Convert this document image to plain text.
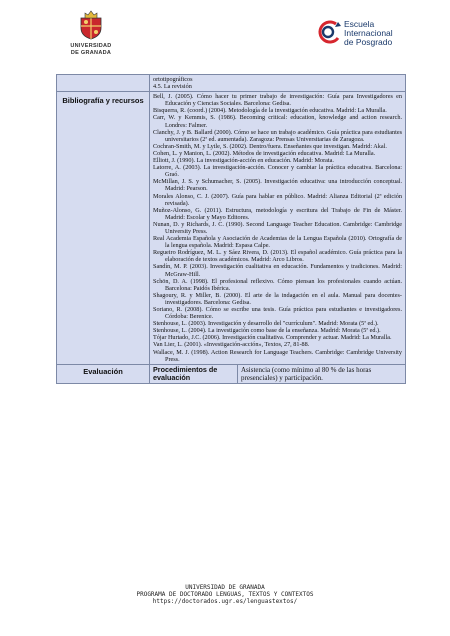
UNIVERSIDAD
DE GRANADA
Escuela
Internacional
de Posgrado
ortotipográficos
4.5. La revisión
Bibliografía y recursos	Bell, J. (2005). Cómo hacer tu primer trabajo de investigación: Guía para Investigadores en Educación y Ciencias Sociales. Barcelona: Gedisa.
Bisquerra, R. (coord.) (2004). Metodología de la investigación educativa. Madrid: La Muralla.
Carr, W. y Kemmis, S. (1986). Becoming critical: education, knowledge and action research. Londres: Falmer.
Clanchy, J. y B. Ballard (2000). Cómo se hace un trabajo académico. Guía práctica para estudiantes universitarios (2ª ed. aumentada). Zaragoza: Prensas Universitarias de Zaragoza.
Cochran-Smith, M. y Lytle, S. (2002). Dentro/fuera. Enseñantes que investigan. Madrid: Akal.
Cohen, L. y Manion, L. (2002). Métodos de investigación educativa. Madrid: La Muralla.
Elliott, J. (1990). La investigación-acción en educación. Madrid: Morata.
Latorre, A. (2003). La investigación-acción. Conocer y cambiar la práctica educativa. Barcelona: Graó.
McMillan, J. S. y Schumacher, S. (2005). Investigación educativa: una introducción conceptual. Madrid: Pearson.
Morales Alonso, C. J. (2007). Guía para hablar en público. Madrid: Alianza Editorial (2ª edición revisada).
Muñoz-Alonso, G. (2011). Estructura, metodología y escritura del Trabajo de Fin de Máster. Madrid: Escolar y Mayo Editores.
Nunan, D. y Richards, J. C. (1990). Second Language Teacher Education. Cambridge: Cambridge University Press.
Real Academia Española y Asociación de Academias de la Lengua Española (2010). Ortografía de la lengua española. Madrid: Espasa Calpe.
Regueiro Rodríguez, M. L. y Sáez Rivera, D. (2013). El español académico. Guía práctica para la elaboración de textos académicos. Madrid: Arco Libros.
Sandín, M. P. (2003). Investigación cualitativa en educación. Fundamentos y tradiciones. Madrid: McGraw-Hill.
Schön, D. A. (1998). El profesional reflexivo. Cómo piensan los profesionales cuando actúan. Barcelona: Paidós Ibérica.
Shagoury, R. y Miller, B. (2000). El arte de la indagación en el aula. Manual para docentes-investigadores. Barcelona: Gedisa.
Soriano, R. (2008). Cómo se escribe una tesis. Guía práctica para estudiantes e investigadores. Córdoba: Berenice.
Stenhouse, L. (2003). Investigación y desarrollo del "currículum". Madrid: Morata (5ª ed.).
Stenhouse, L. (2004). La investigación como base de la enseñanza. Madrid: Morata (5ª ed.).
Tójar Hurtado, J.C. (2006). Investigación cualitativa. Comprender y actuar. Madrid: La Muralla.
Van Lier, L. (2001). «Investigación-acción», Textos, 27, 81-88.
Wallace, M. J. (1998). Action Research for Language Teachers. Cambridge: Cambridge University Press.
Evaluación	Procedimientos de evaluación
Asistencia (como mínimo al 80 % de las horas presenciales) y participación.
UNIVERSIDAD DE GRANADA
PROGRAMA DE DOCTORADO LENGUAS, TEXTOS Y CONTEXTOS
https://doctorados.ugr.es/lenguastextos/
